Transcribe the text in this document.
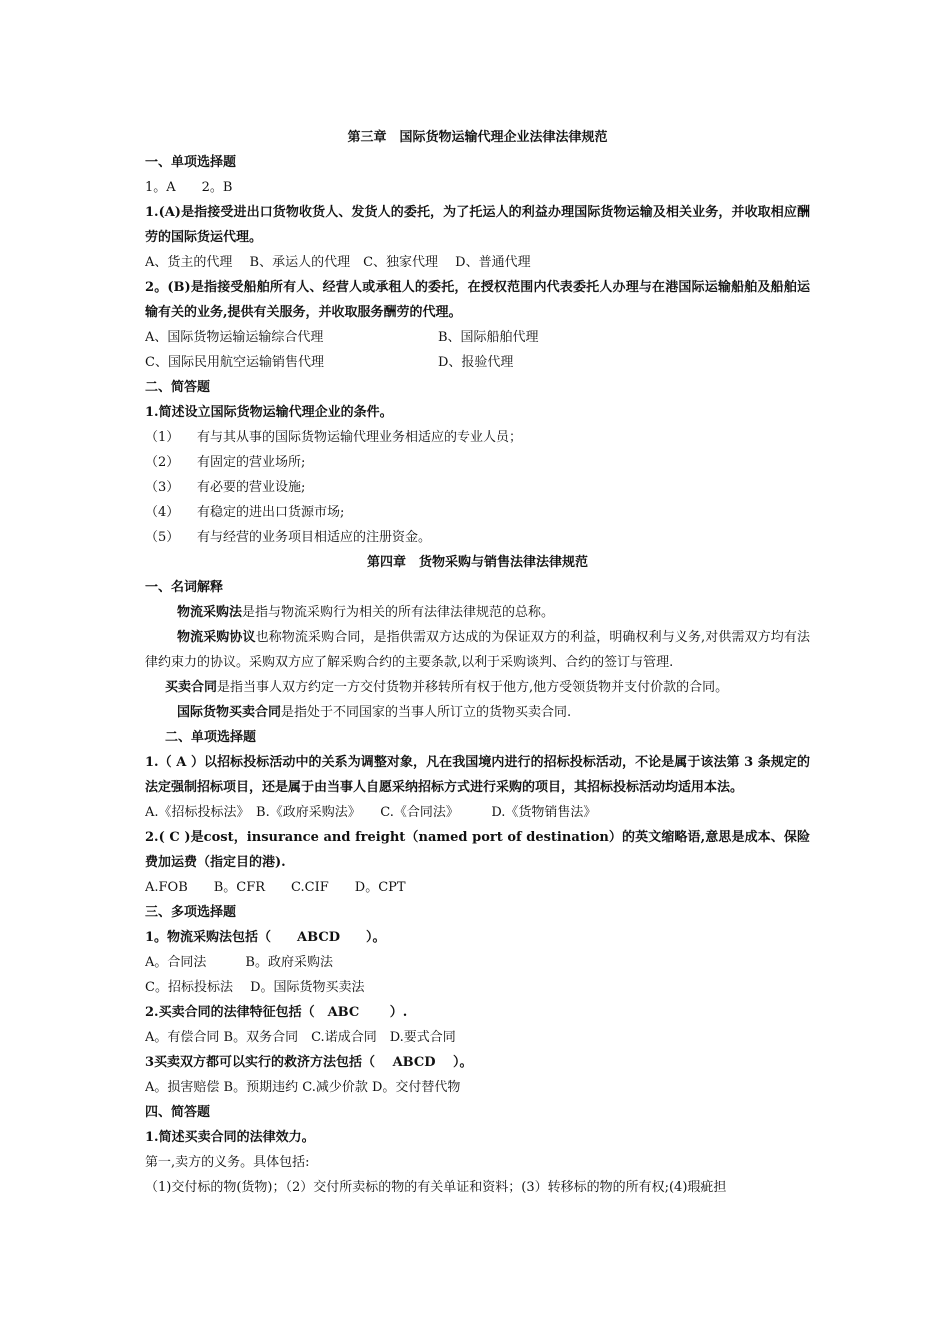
第三章　国际货物运输代理企业法律法律规范

一、单项选择题

1。A　　2。B

1.(A)是指接受进出口货物收货人、发货人的委托，为了托运人的利益办理国际货物运输及相关业务，并收取相应酬劳的国际货运代理。

A、货主的代理　 B、承运人的代理　C、独家代理　 D、普通代理

2。(B)是指接受船舶所有人、经营人或承租人的委托，在授权范围内代表委托人办理与在港国际运输船舶及船舶运输有关的业务,提供有关服务，并收取服务酬劳的代理。

A、国际货物运输运输综合代理	B、国际船舶代理
C、国际民用航空运输销售代理	D、报验代理

二、简答题

1.简述设立国际货物运输代理企业的条件。

（1） 有与其从事的国际货物运输代理业务相适应的专业人员；

（2） 有固定的营业场所;

（3） 有必要的营业设施;

（4） 有稳定的进出口货源市场;

（5） 有与经营的业务项目相适应的注册资金。

第四章　货物采购与销售法律法律规范

一、名词解释

物流采购法是指与物流采购行为相关的所有法律法律规范的总称。

物流采购协议也称物流采购合同，是指供需双方达成的为保证双方的利益，明确权利与义务,对供需双方均有法律约束力的协议。采购双方应了解采购合约的主要条款,以利于采购谈判、合约的签订与管理.

买卖合同是指当事人双方约定一方交付货物并移转所有权于他方,他方受领货物并支付价款的合同。

国际货物买卖合同是指处于不同国家的当事人所订立的货物买卖合同.

二、单项选择题

1.（ A ）以招标投标活动中的关系为调整对象，凡在我国境内进行的招标投标活动，不论是属于该法第 3 条规定的法定强制招标项目，还是属于由当事人自愿采纳招标方式进行采购的项目，其招标投标活动均适用本法。

A.《招标投标法》　B.《政府采购法》　　C.《合同法》　　　D.《货物销售法》

2.( C )是cost，insurance and freight（named port of destination）的英文缩略语,意思是成本、保险费加运费（指定目的港).

A.FOB　　B。CFR　　C.CIF　　D。CPT

三、多项选择题

1。物流采购法包括（　　ABCD　　）。

A。合同法　　　B。政府采购法

C。招标投标法　 D。国际货物买卖法

2.买卖合同的法律特征包括（　ABC　　 ）.

A。有偿合同 B。双务合同　C.诺成合同　D.要式合同

3买卖双方都可以实行的救济方法包括（　 ABCD　 ）。

A。损害赔偿 B。预期违约 C.减少价款 D。交付替代物

四、简答题

1.简述买卖合同的法律效力。

第一,卖方的义务。具体包括:

（1)交付标的物(货物)；（2）交付所卖标的物的有关单证和资料；(3）转移标的物的所有权;(4)瑕疵担
